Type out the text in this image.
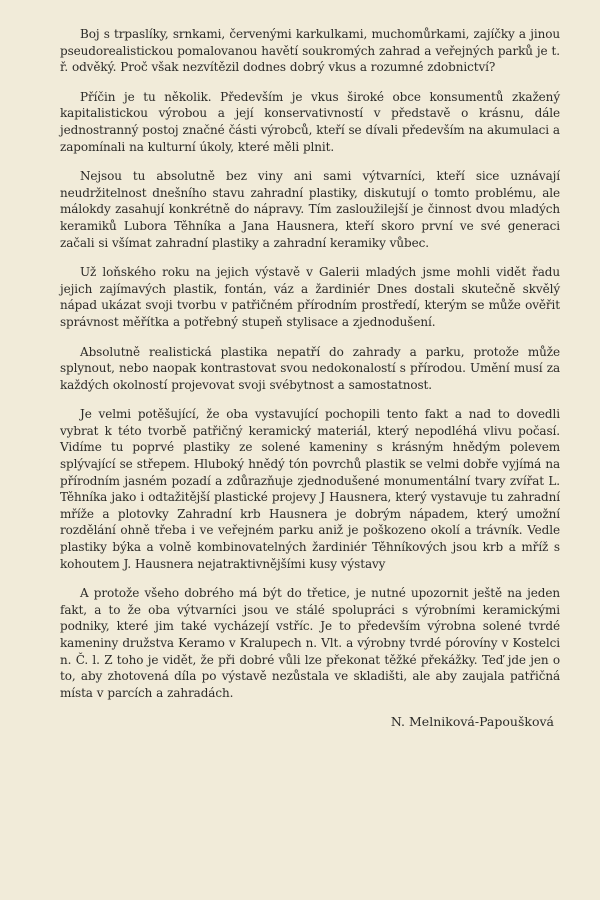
Boj s trpaslíky, srnkami, červenými karkulkami, muchomůrkami, zajíčky a jinou pseudorealistickou pomalovanou havětí soukromých zahrad a veřejných parků je t. ř. odvěký. Proč však nezvítězil dodnes dobrý vkus a rozumné zdobnictví?

Příčin je tu několik. Především je vkus široké obce konsumentů zkažený kapitalistickou výrobou a její konservativností v představě o krásnu, dále jednostranný postoj značné části výrobců, kteří se dívali především na akumulaci a zapomínali na kulturní úkoly, které měli plnit.

Nejsou tu absolutně bez viny ani sami výtvarníci, kteří sice uznávají neudržitelnost dnešního stavu zahradní plastiky, diskutují o tomto problému, ale málokdy zasahují konkrétně do nápravy. Tím zasloužilejší je činnost dvou mladých keramiků Lubora Těhníka a Jana Hausnera, kteří skoro první ve své generaci začali si všímat zahradní plastiky a zahradní keramiky vůbec.

Už loňského roku na jejich výstavě v Galerii mladých jsme mohli vidět řadu jejich zajímavých plastik, fontán, váz a žardiniér Dnes dostali skutečně skvělý nápad ukázat svoji tvorbu v patřičném přírodním prostředí, kterým se může ověřit správnost měřítka a potřebný stupeň stylisace a zjednodušení.

Absolutně realistická plastika nepatří do zahrady a parku, protože může splynout, nebo naopak kontrastovat svou nedokonalostí s přírodou. Umění musí za každých okolností projevovat svoji svébytnost a samostatnost.

Je velmi potěšující, že oba vystavující pochopili tento fakt a nad to dovedli vybrat k této tvorbě patřičný keramický materiál, který nepodléhá vlivu počasí. Vidíme tu poprvé plastiky ze solené kameniny s krásným hnědým polevem splývající se střepem. Hluboký hnědý tón povrchů plastik se velmi dobře vyjímá na přírodním jasném pozadí a zdůrazňuje zjednodušené monumentální tvary zvířat L. Těhníka jako i odtažitější plastické projevy J Hausnera, který vystavuje tu zahradní mříže a plotovky Zahradní krb Hausnera je dobrým nápadem, který umožní rozdělání ohně třeba i ve veřejném parku aniž je poškozeno okolí a trávník. Vedle plastiky býka a volně kombinovatelných žardiniér Těhníkových jsou krb a mříž s kohoutem J. Hausnera nejatraktivnějšími kusy výstavy

A protože všeho dobrého má být do třetice, je nutné upozornit ještě na jeden fakt, a to že oba výtvarníci jsou ve stálé spolupráci s výrobními keramickými podniky, které jim také vycházejí vstříc. Je to především výrobna solené tvrdé kameniny družstva Keramo v Kralupech n. Vlt. a výrobny tvrdé pórovíny v Kostelci n. Č. l. Z toho je vidět, že při dobré vůli lze překonat těžké překážky. Teď jde jen o to, aby zhotovená díla po výstavě nezůstala ve skladišti, ale aby zaujala patřičná místa v parcích a zahradách.

N. Melniková-Papoušková
